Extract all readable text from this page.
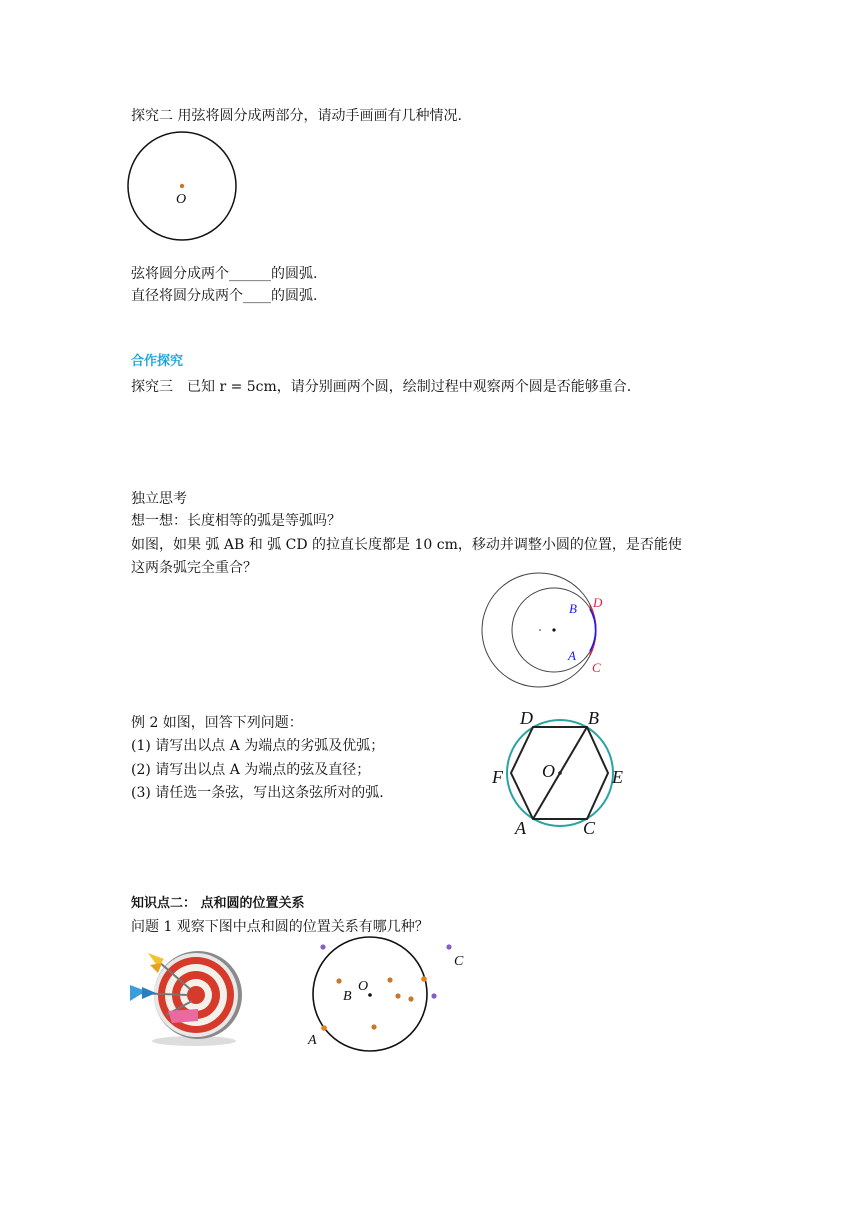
探究二 用弦将圆分成两部分，请动手画画有几种情况.
O
弦将圆分成两个______的圆弧.
直径将圆分成两个____的圆弧.
合作探究
探究三　已知 r = 5cm，请分别画两个圆，绘制过程中观察两个圆是否能够重合.
独立思考
想一想：长度相等的弧是等弧吗？
如图，如果 弧 AB 和 弧 CD 的拉直长度都是 10 cm，移动并调整小圆的位置，是否能使
这两条弧完全重合？
B D
A
C
例 2 如图，回答下列问题：
(1) 请写出以点 A 为端点的劣弧及优弧；
(2) 请写出以点 A 为端点的弦及直径；
(3) 请任选一条弦，写出这条弦所对的弧.
D	B
F O	E
A	C
知识点二： 点和圆的位置关系
问题 1 观察下图中点和圆的位置关系有哪几种？
O
B
A
C
